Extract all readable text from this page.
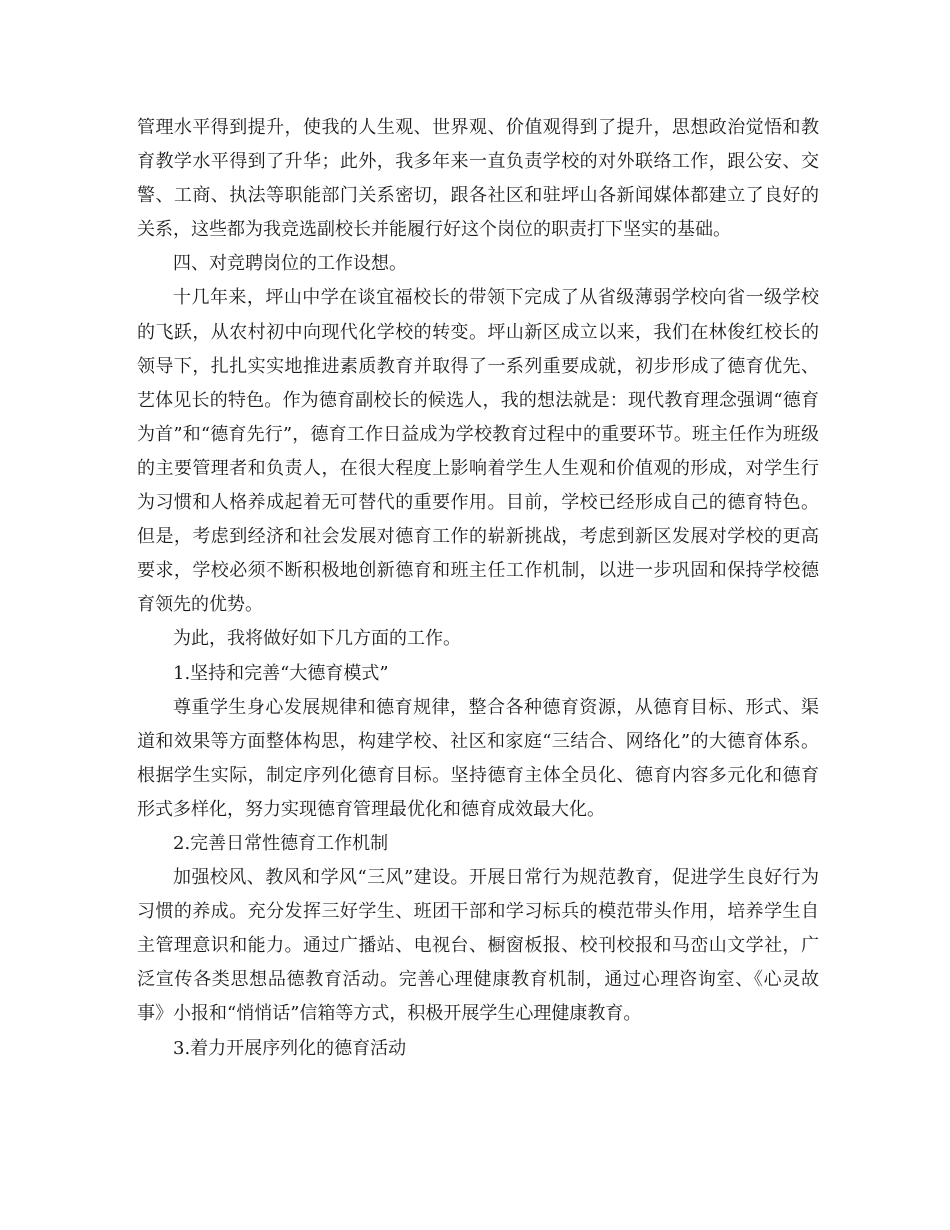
管理水平得到提升，使我的人生观、世界观、价值观得到了提升，思想政治觉悟和教育教学水平得到了升华；此外，我多年来一直负责学校的对外联络工作，跟公安、交警、工商、执法等职能部门关系密切，跟各社区和驻坪山各新闻媒体都建立了良好的关系，这些都为我竞选副校长并能履行好这个岗位的职责打下坚实的基础。

四、对竞聘岗位的工作设想。

十几年来，坪山中学在谈宜福校长的带领下完成了从省级薄弱学校向省一级学校的飞跃，从农村初中向现代化学校的转变。坪山新区成立以来，我们在林俊红校长的领导下，扎扎实实地推进素质教育并取得了一系列重要成就，初步形成了德育优先、艺体见长的特色。作为德育副校长的候选人，我的想法就是：现代教育理念强调“德育为首”和“德育先行”，德育工作日益成为学校教育过程中的重要环节。班主任作为班级的主要管理者和负责人，在很大程度上影响着学生人生观和价值观的形成，对学生行为习惯和人格养成起着无可替代的重要作用。目前，学校已经形成自己的德育特色。但是，考虑到经济和社会发展对德育工作的崭新挑战，考虑到新区发展对学校的更高要求，学校必须不断积极地创新德育和班主任工作机制，以进一步巩固和保持学校德育领先的优势。

为此，我将做好如下几方面的工作。

1.坚持和完善“大德育模式”

尊重学生身心发展规律和德育规律，整合各种德育资源，从德育目标、形式、渠道和效果等方面整体构思，构建学校、社区和家庭“三结合、网络化”的大德育体系。根据学生实际，制定序列化德育目标。坚持德育主体全员化、德育内容多元化和德育形式多样化，努力实现德育管理最优化和德育成效最大化。

2.完善日常性德育工作机制

加强校风、教风和学风“三风”建设。开展日常行为规范教育，促进学生良好行为习惯的养成。充分发挥三好学生、班团干部和学习标兵的模范带头作用，培养学生自主管理意识和能力。通过广播站、电视台、橱窗板报、校刊校报和马峦山文学社，广泛宣传各类思想品德教育活动。完善心理健康教育机制，通过心理咨询室、《心灵故事》小报和“悄悄话”信箱等方式，积极开展学生心理健康教育。

3.着力开展序列化的德育活动
